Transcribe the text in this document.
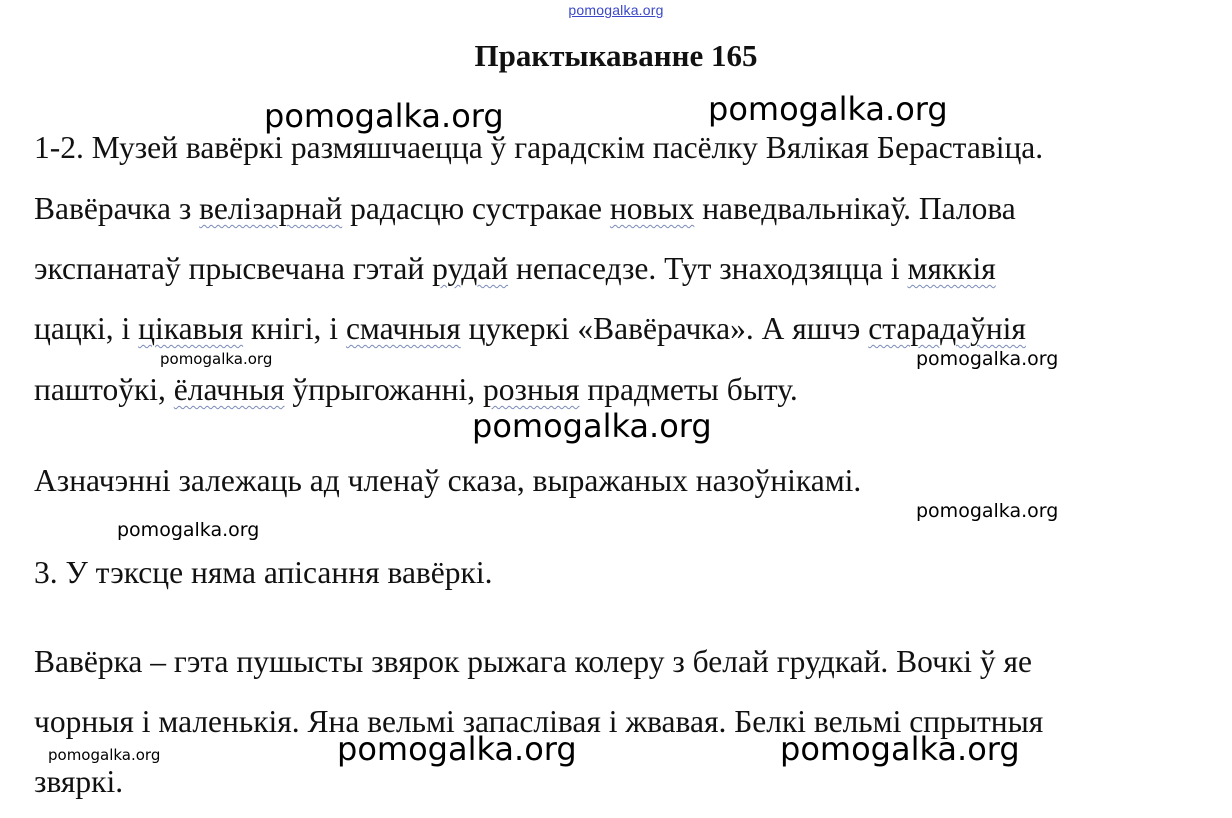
pomogalka.org
Практыкаванне 165
1-2. Музей вавёркі размяшчаецца ў гарадскім пасёлку Вялікая Бераставіца.
Вавёрачка з велізарнай радасцю сустракае новых наведвальнікаў. Палова
экспанатаў прысвечана гэтай рудай непаседзе. Тут знаходзяцца і мяккія
цацкі, і цікавыя кнігі, і смачныя цукеркі «Вавёрачка». А яшчэ старадаўнія
паштоўкі, ёлачныя ўпрыгожанні, розныя прадметы быту.
Азначэнні залежаць ад членаў сказа, выражаных назоўнікамі.
3. У тэксце няма апісання вавёркі.
Вавёрка – гэта пушысты звярок рыжага колеру з белай грудкай. Вочкі ў яе
чорныя і маленькія. Яна вельмі запаслівая і жвавая. Белкі вельмі спрытныя
звяркі.
pomogalka.org	pomogalka.org
pomogalka.org	pomogalka.org
pomogalka.org
pomogalka.org
pomogalka.org
pomogalka.org	pomogalka.org
pomogalka.org
